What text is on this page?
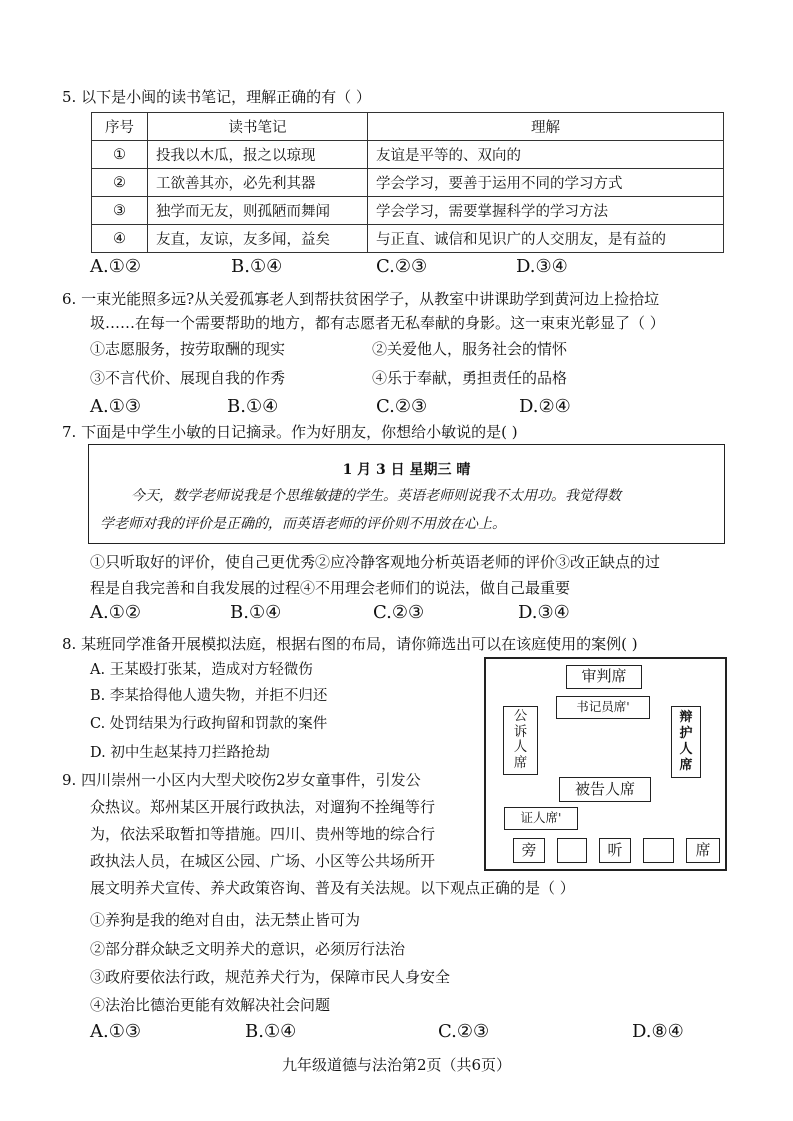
5. 以下是小闽的读书笔记，理解正确的有（ ）
序号	读书笔记	理解
①	投我以木瓜，报之以琼现	友谊是平等的、双向的
②	工欲善其亦，必先利其器	学会学习，要善于运用不同的学习方式
③	独学而无友，则孤陋而舞闻	学会学习，需要掌握科学的学习方法
④	友直，友谅，友多闻，益矣	与正直、诚信和见识广的人交朋友，是有益的
A.①②	B.①④	C.②③	D.③④
6. 一束光能照多远?从关爱孤寡老人到帮扶贫困学子，从教室中讲课助学到黄河边上捡拾垃
圾……在每一个需要帮助的地方，都有志愿者无私奉献的身影。这一束束光彰显了（ ）
①志愿服务，按劳取酬的现实	②关爱他人，服务社会的情怀
③不言代价、展现自我的作秀	④乐于奉献，勇担责任的品格
A.①③	B.①④	C.②③	D.②④
7. 下面是中学生小敏的日记摘录。作为好朋友，你想给小敏说的是( )
1 月 3 日 星期三 晴
今天，数学老师说我是个思维敏捷的学生。英语老师则说我不太用功。我觉得数
学老师对我的评价是正确的，而英语老师的评价则不用放在心上。
①只听取好的评价，使自己更优秀②应冷静客观地分析英语老师的评价③改正缺点的过
程是自我完善和自我发展的过程④不用理会老师们的说法，做自己最重要
A.①②	B.①④	C.②③	D.③④
8. 某班同学准备开展模拟法庭，根据右图的布局，请你筛选出可以在该庭使用的案例( )
A. 王某殴打张某，造成对方轻微伤
B. 李某拾得他人遗失物，并拒不归还
C. 处罚结果为行政拘留和罚款的案件
D. 初中生赵某持刀拦路抢劫
审判席
书记员席'
公
诉
人
席
辩
护
人
席
被告人席
证人席'
旁	听	席
9. 四川崇州一小区内大型犬咬伤2岁女童事件，引发公
众热议。郑州某区开展行政执法，对遛狗不拴绳等行
为，依法采取暂扣等措施。四川、贵州等地的综合行
政执法人员，在城区公园、广场、小区等公共场所开
展文明养犬宣传、养犬政策咨询、普及有关法规。以下观点正确的是（ ）
①养狗是我的绝对自由，法无禁止皆可为
②部分群众缺乏文明养犬的意识，必须厉行法治
③政府要依法行政，规范养犬行为，保障市民人身安全
④法治比德治更能有效解决社会问题
A.①③	B.①④	C.②③	D.⑧④
九年级道德与法治第2页（共6页）
